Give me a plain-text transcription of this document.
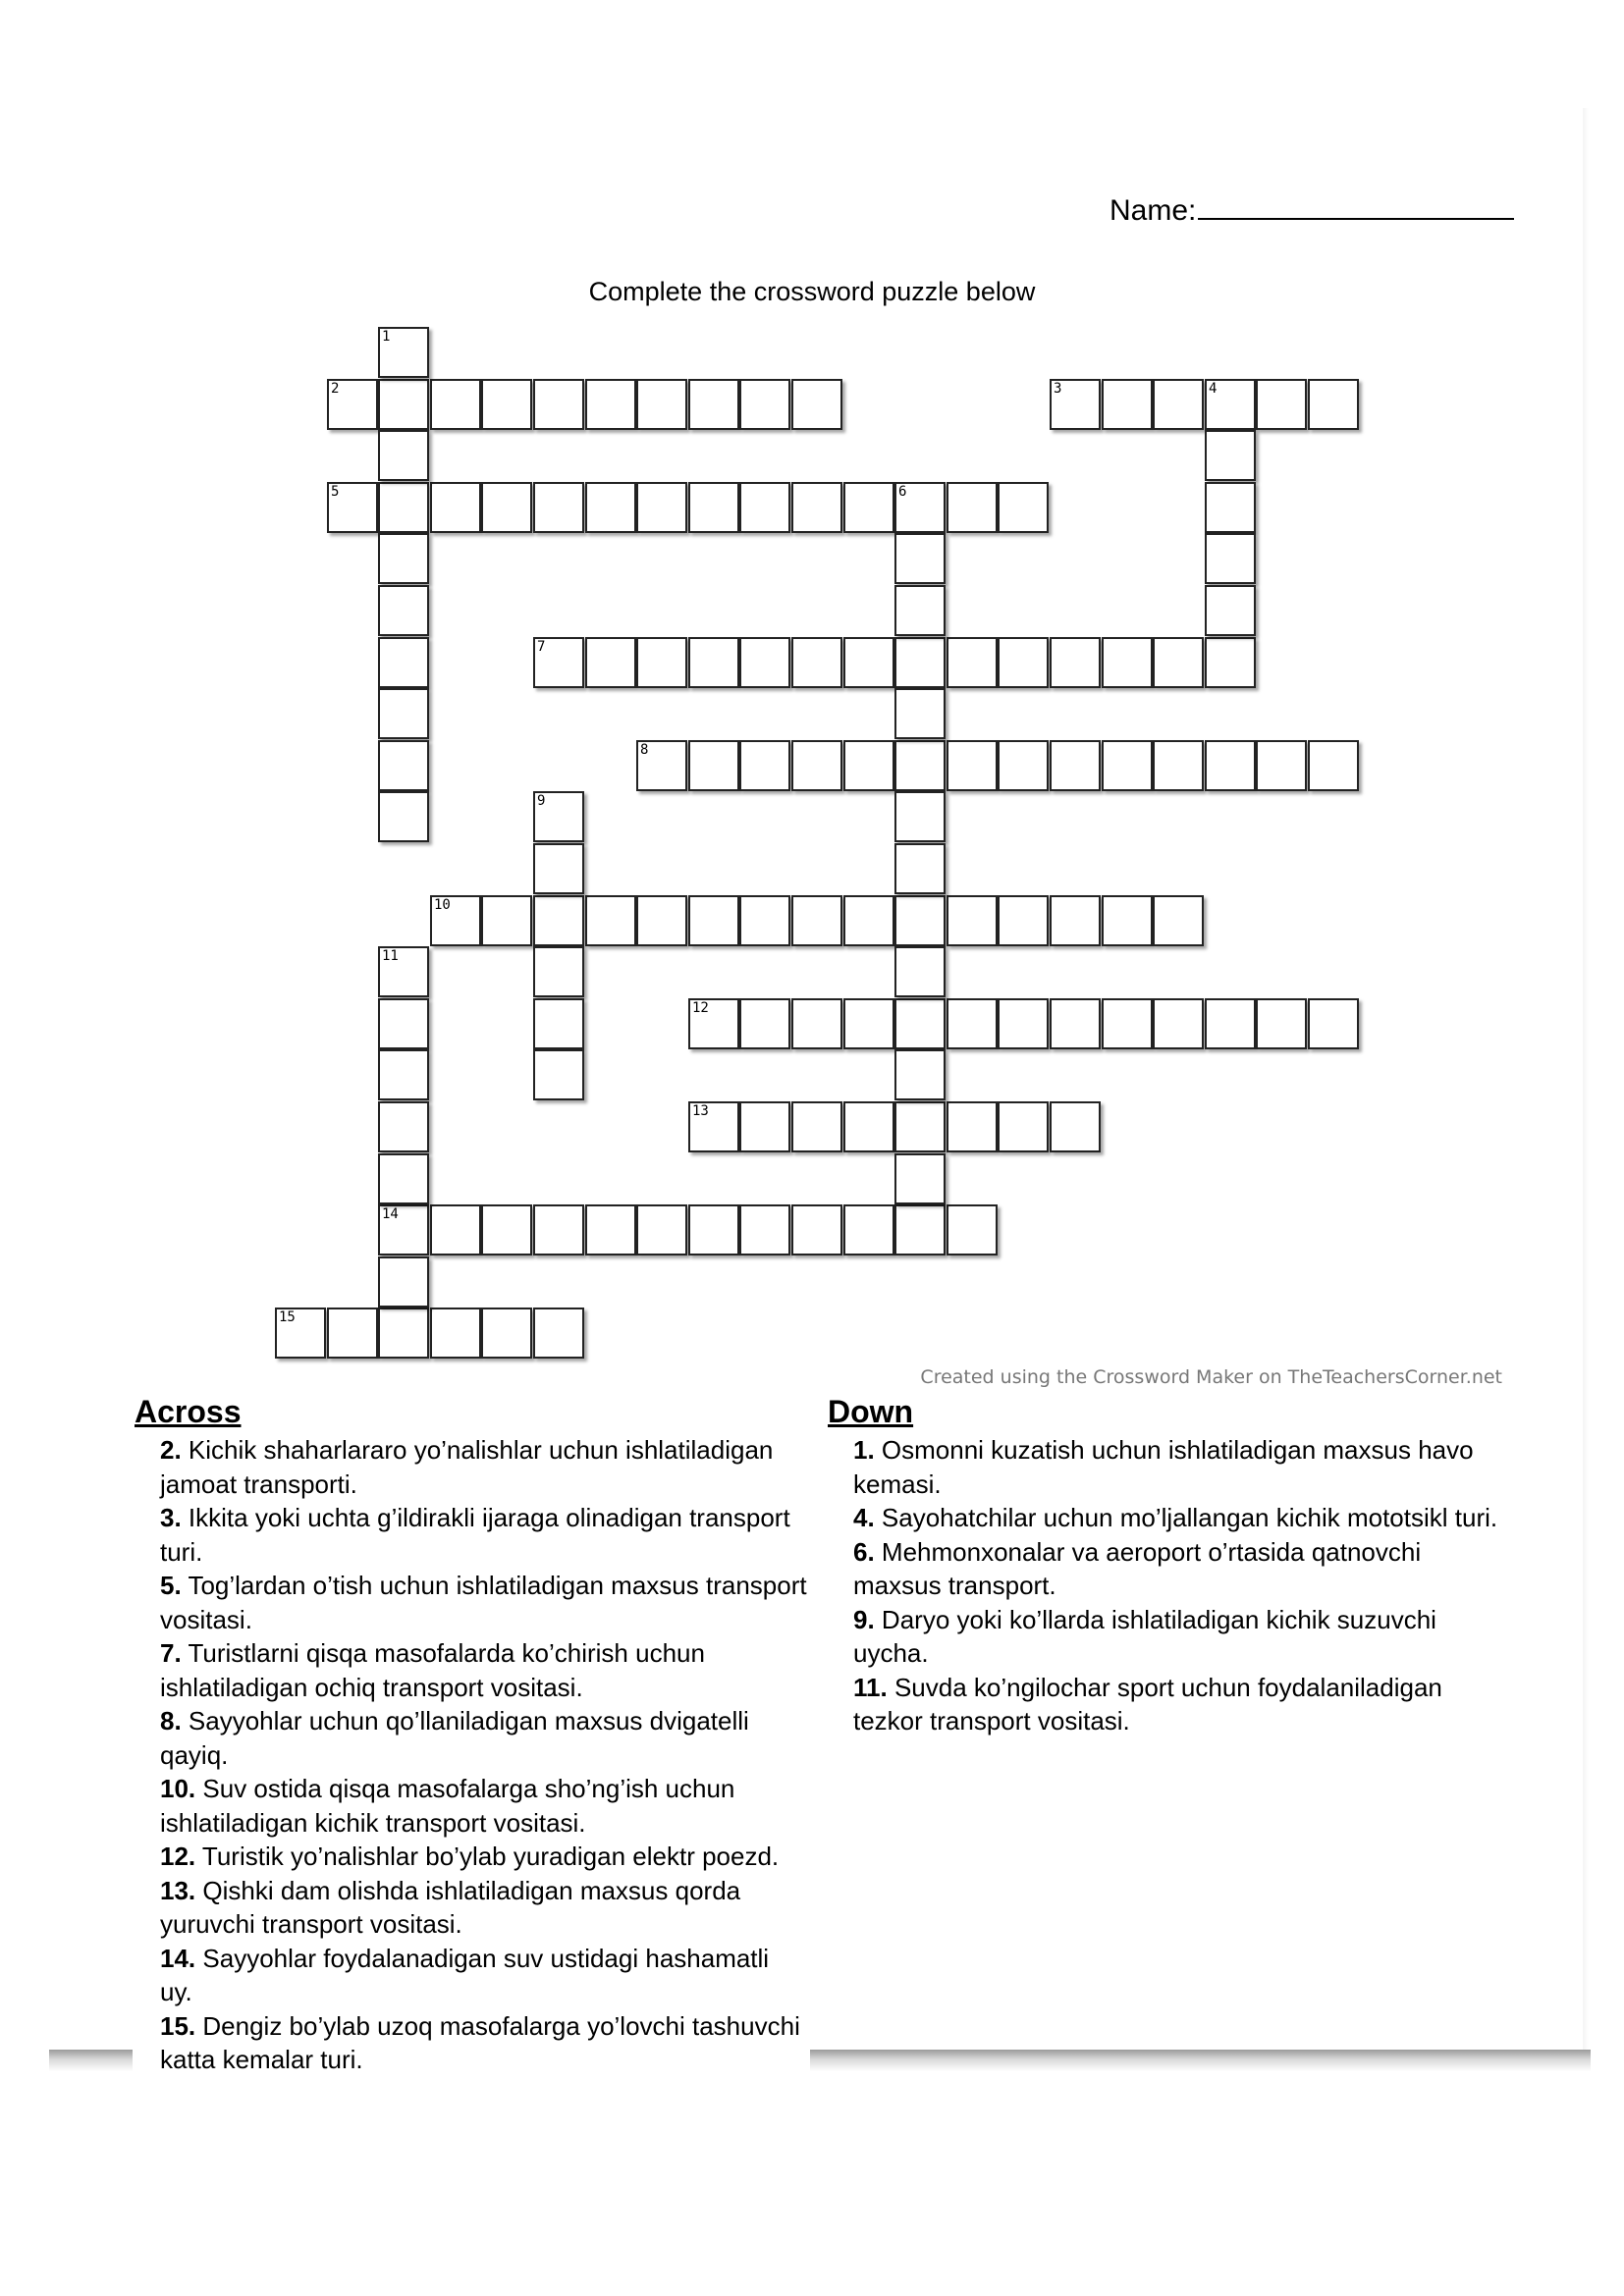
Name:
Complete the crossword puzzle below
2	3	4
5	6
7
8
10
12
13
14
15
1
9
11
Created using the Crossword Maker on TheTeachersCorner.net
Across
2. Kichik shaharlararo yo’nalishlar uchun ishlatiladigan jamoat transporti.
3. Ikkita yoki uchta g’ildirakli ijaraga olinadigan transport turi.
5. Tog’lardan o’tish uchun ishlatiladigan maxsus transport vositasi.
7. Turistlarni qisqa masofalarda ko’chirish uchun ishlatiladigan ochiq transport vositasi.
8. Sayyohlar uchun qo’llaniladigan maxsus dvigatelli qayiq.
10. Suv ostida qisqa masofalarga sho’ng’ish uchun ishlatiladigan kichik transport vositasi.
12. Turistik yo’nalishlar bo’ylab yuradigan elektr poezd.
13. Qishki dam olishda ishlatiladigan maxsus qorda yuruvchi transport vositasi.
14. Sayyohlar foydalanadigan suv ustidagi hashamatli uy.
15. Dengiz bo’ylab uzoq masofalarga yo’lovchi tashuvchi katta kemalar turi.
Down
1. Osmonni kuzatish uchun ishlatiladigan maxsus havo kemasi.
4. Sayohatchilar uchun mo’ljallangan kichik mototsikl turi.
6. Mehmonxonalar va aeroport o’rtasida qatnovchi maxsus transport.
9. Daryo yoki ko’llarda ishlatiladigan kichik suzuvchi uycha.
11. Suvda ko’ngilochar sport uchun foydalaniladigan tezkor transport vositasi.
